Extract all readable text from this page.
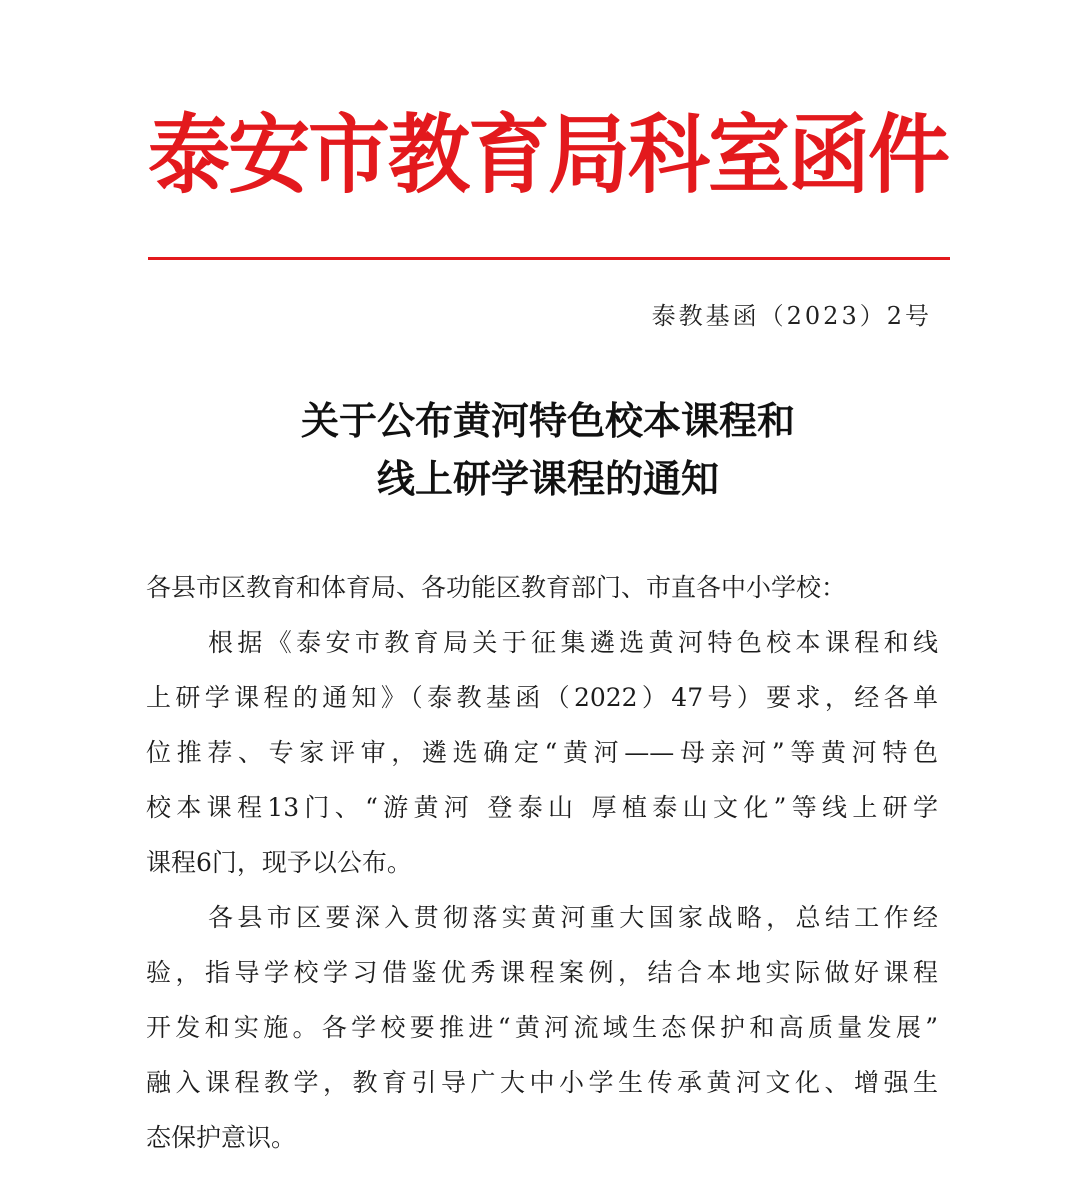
泰安市教育局科室函件
泰教基函（2023）2号
关于公布黄河特色校本课程和
线上研学课程的通知
各县市区教育和体育局、各功能区教育部门、市直各中小学校：
根据《泰安市教育局关于征集遴选黄河特色校本课程和线
上研学课程的通知》（泰教基函（2022）47号）要求，经各单
位推荐、专家评审，遴选确定“黄河——母亲河”等黄河特色
校本课程13门、“游黄河 登泰山 厚植泰山文化”等线上研学
课程6门，现予以公布。
各县市区要深入贯彻落实黄河重大国家战略，总结工作经
验，指导学校学习借鉴优秀课程案例，结合本地实际做好课程
开发和实施。各学校要推进“黄河流域生态保护和高质量发展”
融入课程教学，教育引导广大中小学生传承黄河文化、增强生
态保护意识。
